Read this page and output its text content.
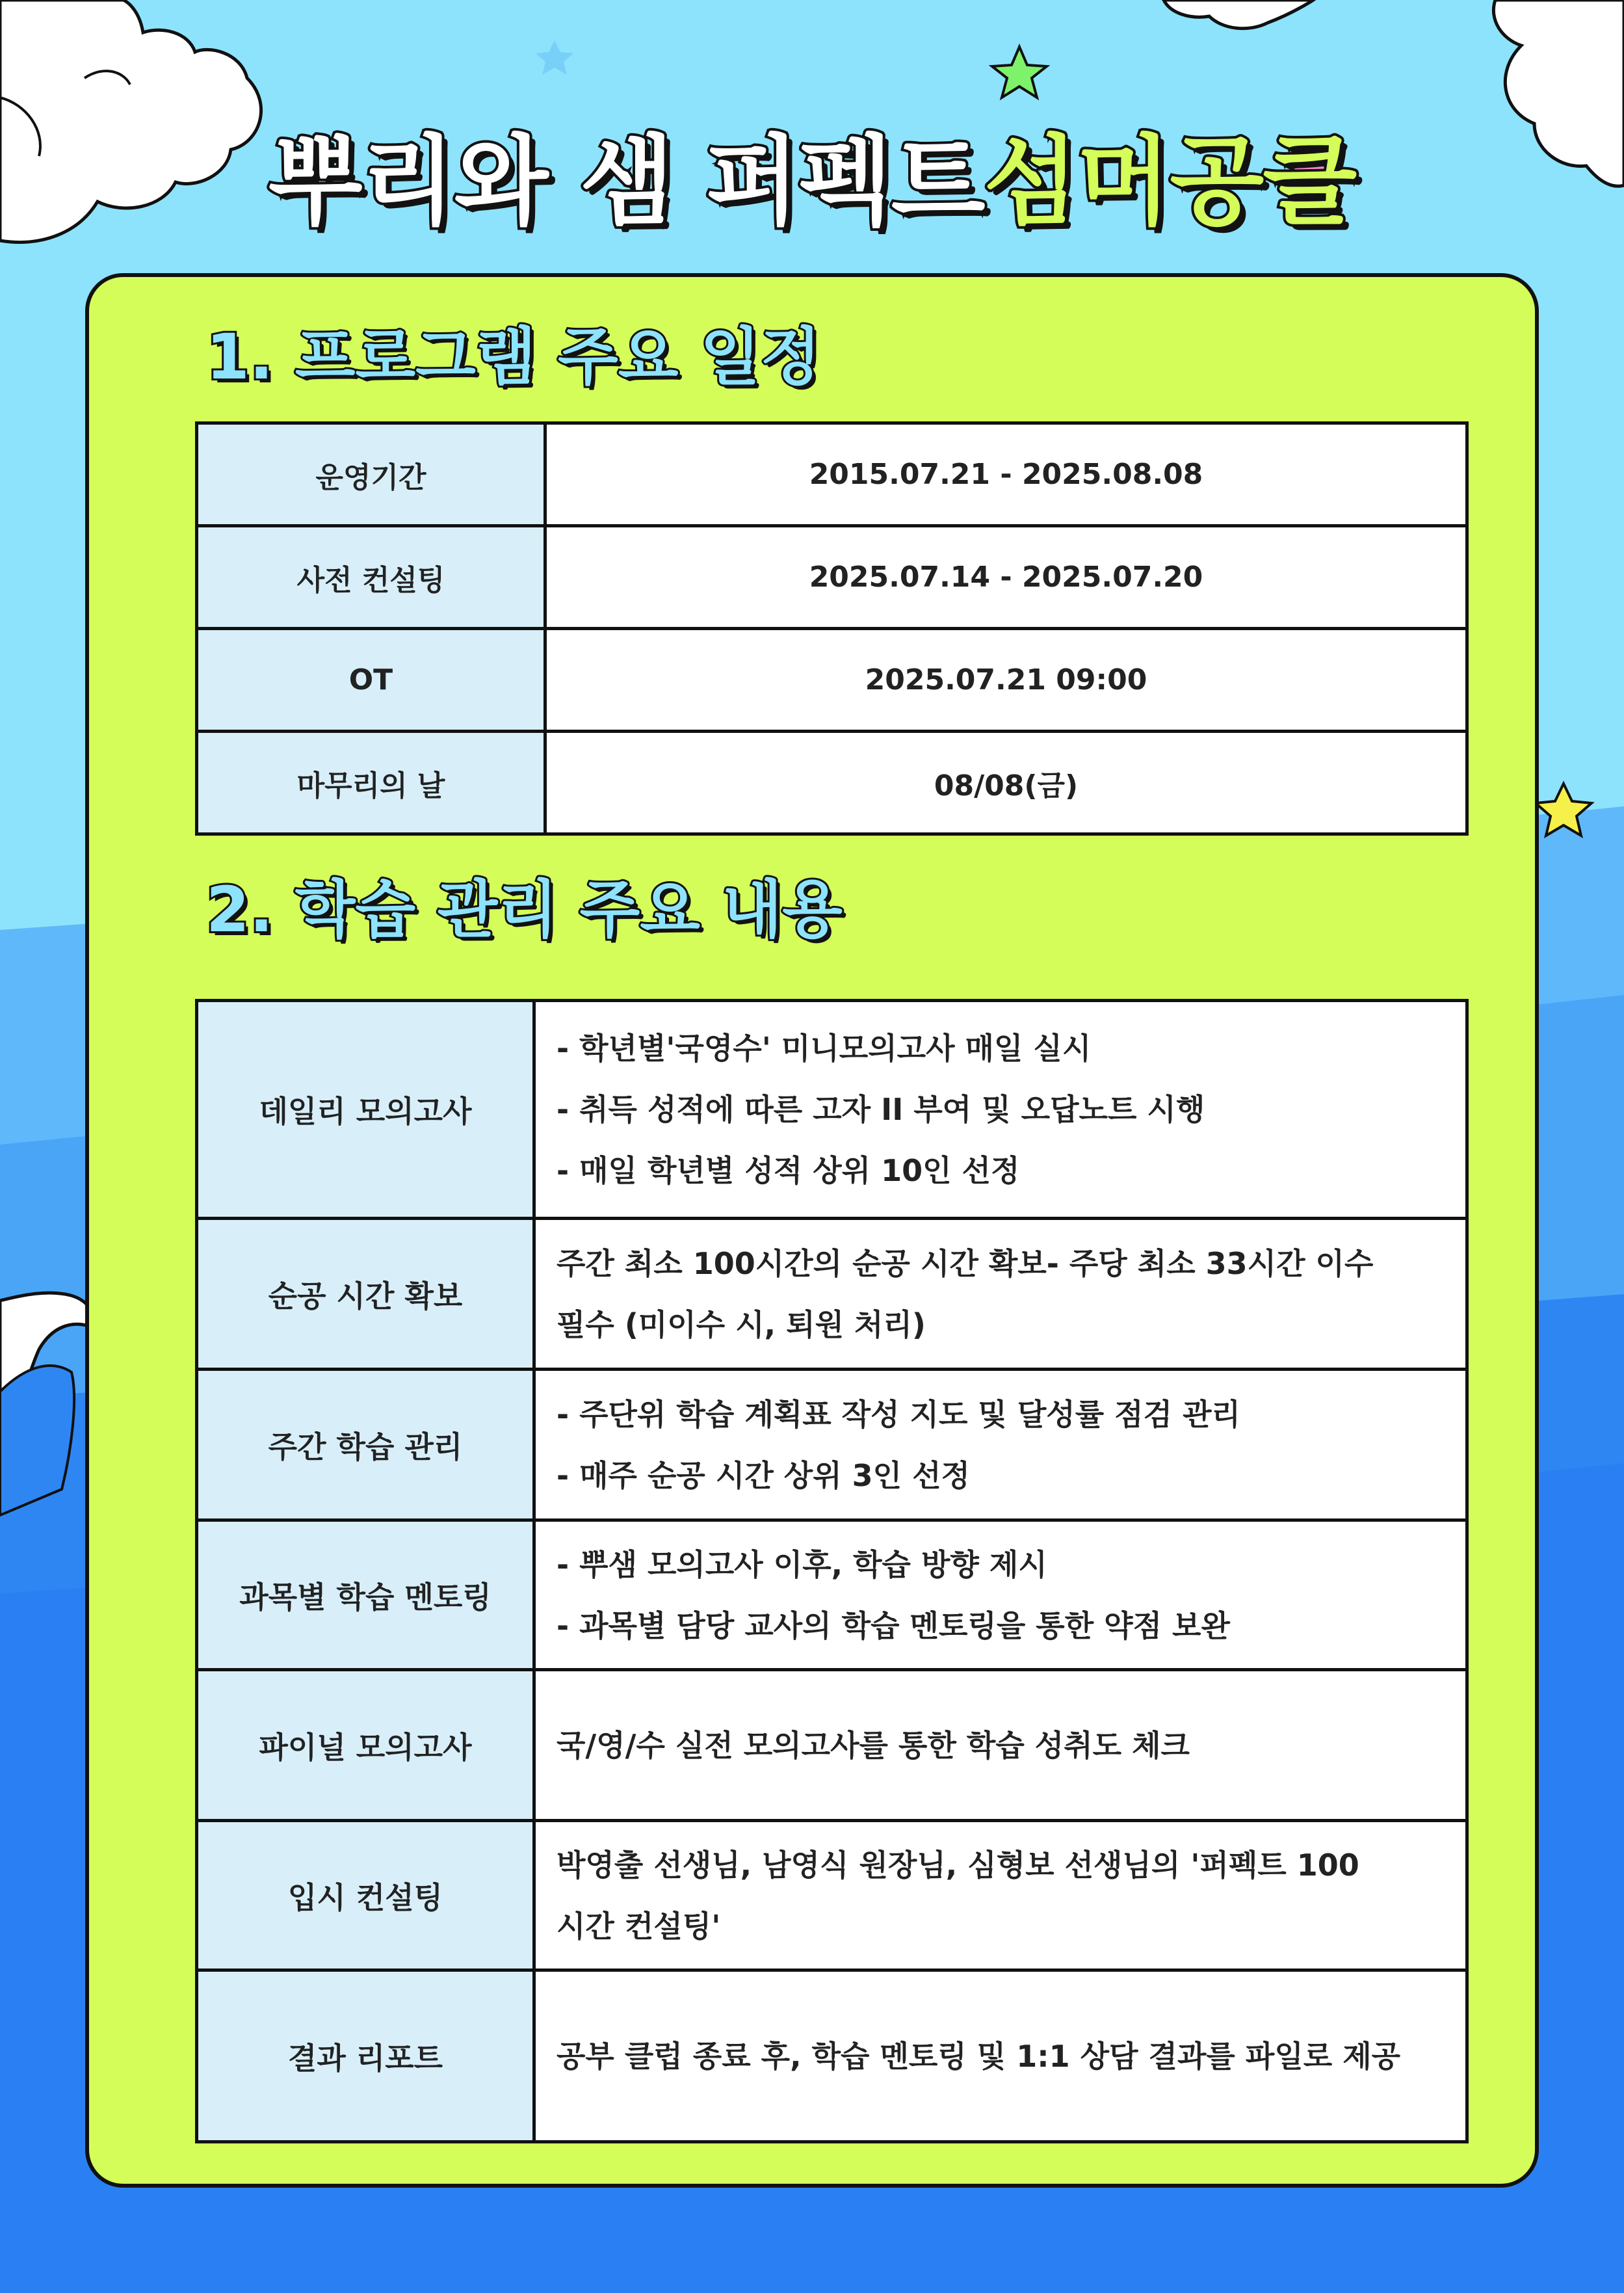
뿌리와 샘 퍼펙트섬머공클
1. 프로그램 주요 일정
운영기간	2015.07.21 - 2025.08.08
사전 컨설팅	2025.07.14 - 2025.07.20
OT	2025.07.21 09:00
마무리의 날	08/08(금)
2. 학습 관리 주요 내용
데일리 모의고사	- 학년별'국영수' 미니모의고사 매일 실시
- 취득 성적에 따른 고자 II 부여 및 오답노트 시행
- 매일 학년별 성적 상위 10인 선정

순공 시간 확보	주간 최소 100시간의 순공 시간 확보- 주당 최소 33시간 이수
필수 (미이수 시, 퇴원 처리)

주간 학습 관리	- 주단위 학습 계획표 작성 지도 및 달성률 점검 관리
- 매주 순공 시간 상위 3인 선정

과목별 학습 멘토링	- 뿌샘 모의고사 이후, 학습 방향 제시
- 과목별 담당 교사의 학습 멘토링을 통한 약점 보완

파이널 모의고사	국/영/수 실전 모의고사를 통한 학습 성취도 체크

입시 컨설팅	박영출 선생님, 남영식 원장님, 심형보 선생님의 '퍼펙트 100
시간 컨설팅'

결과 리포트	공부 클럽 종료 후, 학습 멘토링 및 1:1 상담 결과를 파일로 제공
